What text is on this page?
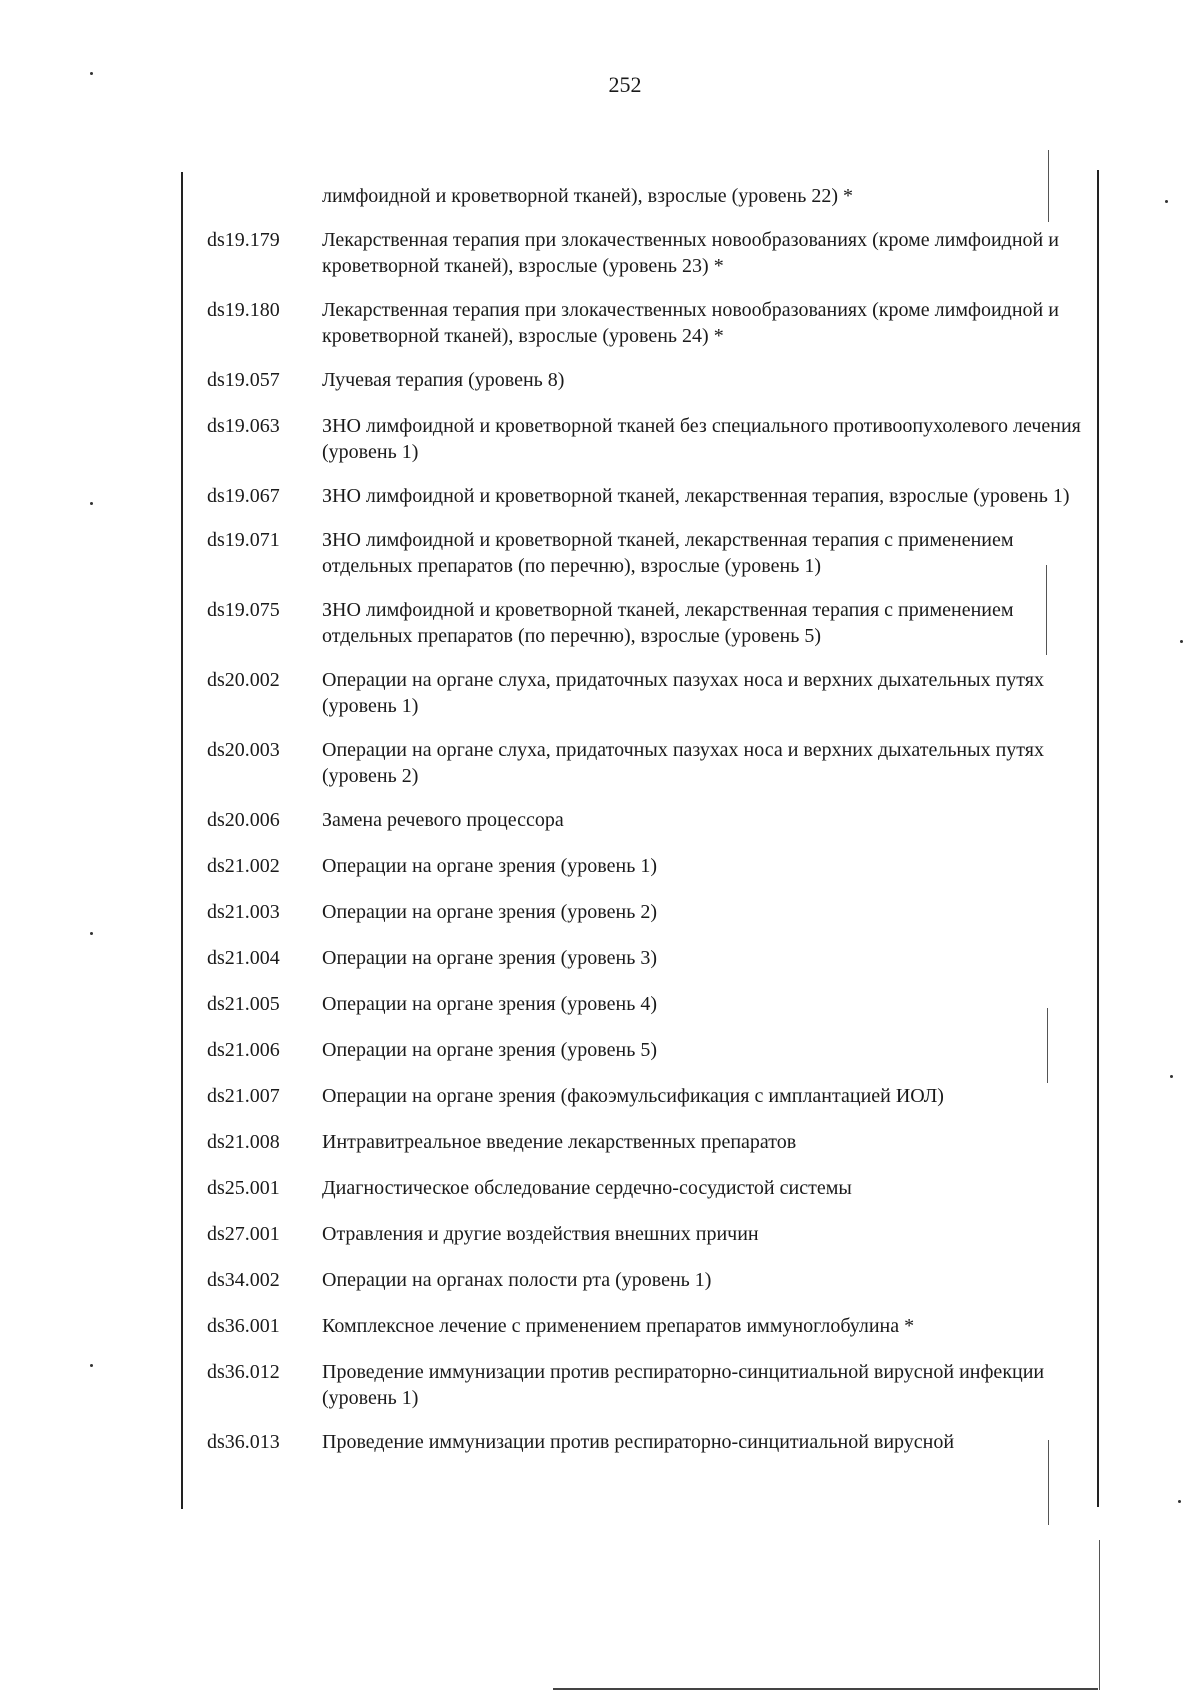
252
лимфоидной и кроветворной тканей), взрослые (уровень 22) *
ds19.179	Лекарственная терапия при злокачественных новообразованиях (кроме лимфоидной и кроветворной тканей), взрослые (уровень 23) *
ds19.180	Лекарственная терапия при злокачественных новообразованиях (кроме лимфоидной и кроветворной тканей), взрослые (уровень 24) *
ds19.057	Лучевая терапия (уровень 8)
ds19.063	ЗНО лимфоидной и кроветворной тканей без специального противоопухолевого лечения (уровень 1)
ds19.067	ЗНО лимфоидной и кроветворной тканей, лекарственная терапия, взрослые (уровень 1)
ds19.071	ЗНО лимфоидной и кроветворной тканей, лекарственная терапия с применением отдельных препаратов (по перечню), взрослые (уровень 1)
ds19.075	ЗНО лимфоидной и кроветворной тканей, лекарственная терапия с применением отдельных препаратов (по перечню), взрослые (уровень 5)
ds20.002	Операции на органе слуха, придаточных пазухах носа и верхних дыхательных путях (уровень 1)
ds20.003	Операции на органе слуха, придаточных пазухах носа и верхних дыхательных путях (уровень 2)
ds20.006	Замена речевого процессора
ds21.002	Операции на органе зрения (уровень 1)
ds21.003	Операции на органе зрения (уровень 2)
ds21.004	Операции на органе зрения (уровень 3)
ds21.005	Операции на органе зрения (уровень 4)
ds21.006	Операции на органе зрения (уровень 5)
ds21.007	Операции на органе зрения (факоэмульсификация с имплантацией ИОЛ)
ds21.008	Интравитреальное введение лекарственных препаратов
ds25.001	Диагностическое обследование сердечно-сосудистой системы
ds27.001	Отравления и другие воздействия внешних причин
ds34.002	Операции на органах полости рта (уровень 1)
ds36.001	Комплексное лечение с применением препаратов иммуноглобулина *
ds36.012	Проведение иммунизации против респираторно-синцитиальной вирусной инфекции (уровень 1)
ds36.013	Проведение иммунизации против респираторно-синцитиальной вирусной
